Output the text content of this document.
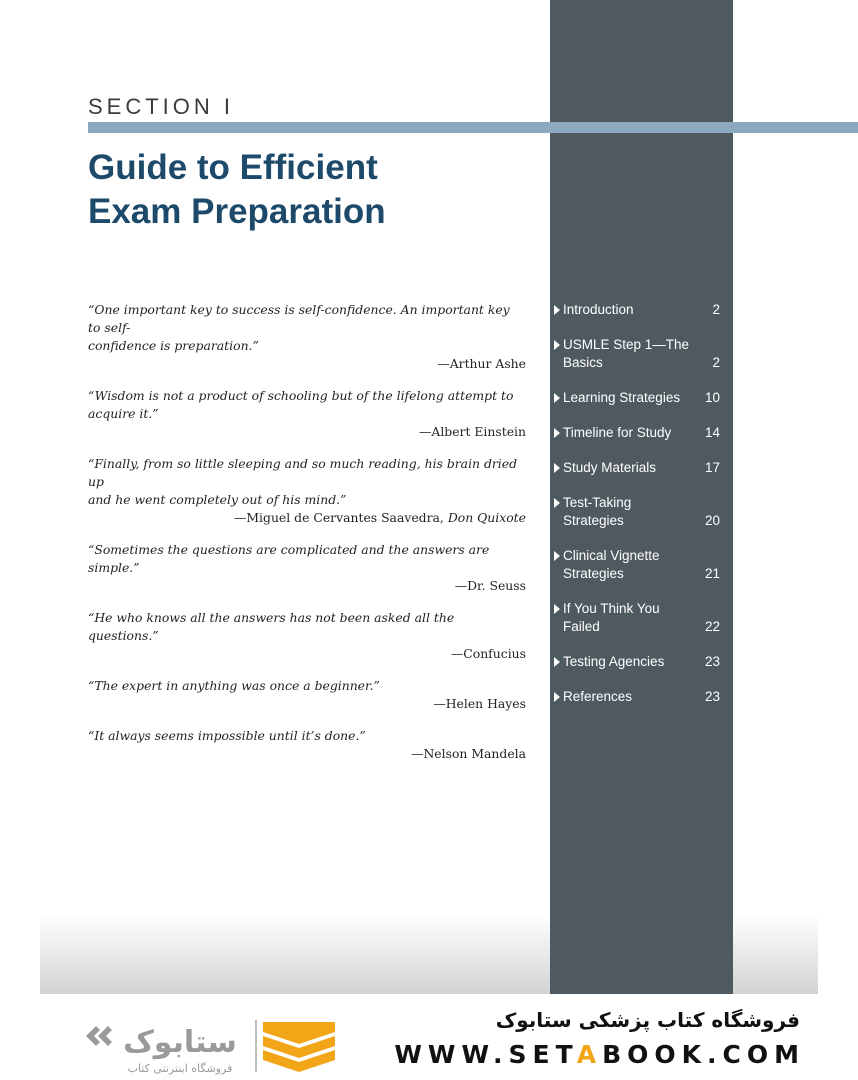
SECTION I
Guide to Efficient
Exam Preparation
“One important key to success is self-confidence. An important key to self-
confidence is preparation.”
—Arthur Ashe
“Wisdom is not a product of schooling but of the lifelong attempt to
acquire it.”
—Albert Einstein
“Finally, from so little sleeping and so much reading, his brain dried up
and he went completely out of his mind.”
—Miguel de Cervantes Saavedra, Don Quixote
“Sometimes the questions are complicated and the answers are simple.”
—Dr. Seuss
“He who knows all the answers has not been asked all the questions.”
—Confucius
“The expert in anything was once a beginner.”
—Helen Hayes
“It always seems impossible until it’s done.”
—Nelson Mandela
Introduction	2
USMLE Step 1—The
Basics	2
Learning Strategies	10
Timeline for Study	14
Study Materials	17
Test-Taking
Strategies	20
Clinical Vignette
Strategies	21
If You Think You
Failed	22
Testing Agencies	23
References	23
ستابوک
فروشگاه اینترنتی کتاب
فروشگاه کتاب پزشکی ستابوک
WWW.SETABOOK.COM
